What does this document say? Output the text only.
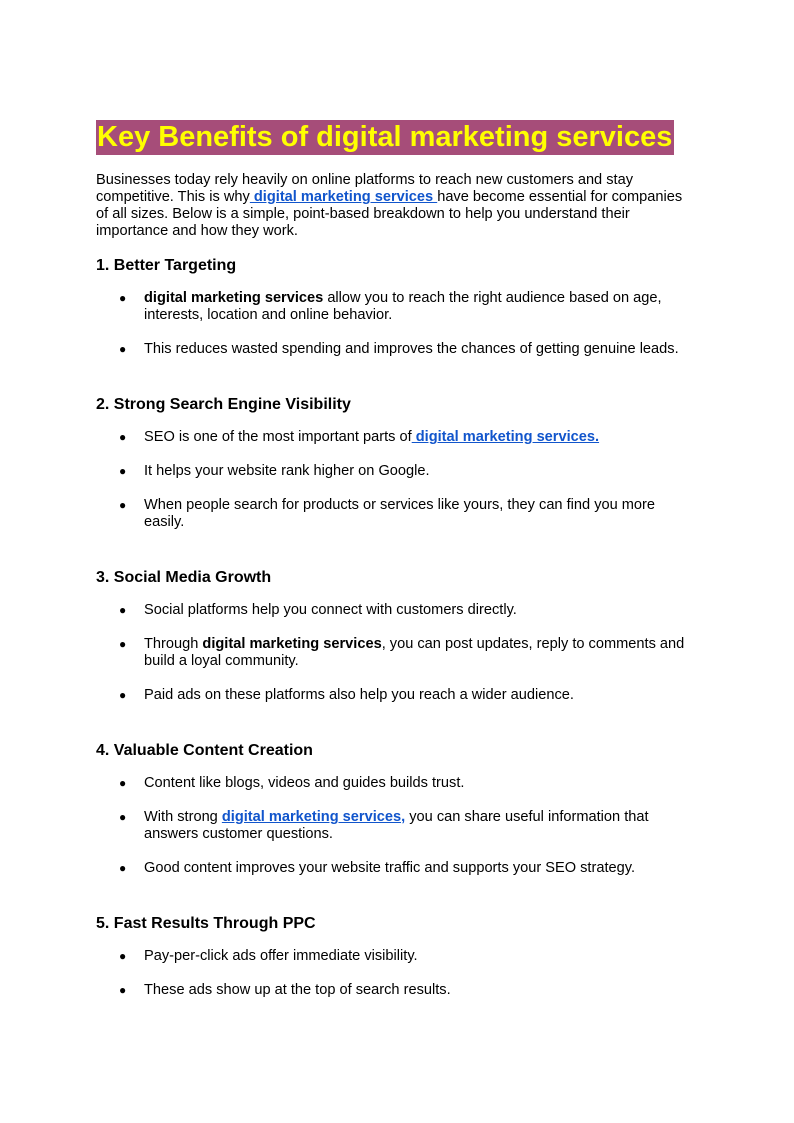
Key Benefits of digital marketing services

Businesses today rely heavily on online platforms to reach new customers and stay competitive. This is why digital marketing services have become essential for companies of all sizes. Below is a simple, point-based breakdown to help you understand their importance and how they work.

1. Better Targeting
● digital marketing services allow you to reach the right audience based on age, interests, location and online behavior.
● This reduces wasted spending and improves the chances of getting genuine leads.
2. Strong Search Engine Visibility
● SEO is one of the most important parts of digital marketing services.
● It helps your website rank higher on Google.
● When people search for products or services like yours, they can find you more easily.
3. Social Media Growth
● Social platforms help you connect with customers directly.
● Through digital marketing services, you can post updates, reply to comments and build a loyal community.
● Paid ads on these platforms also help you reach a wider audience.
4. Valuable Content Creation
● Content like blogs, videos and guides builds trust.
● With strong digital marketing services, you can share useful information that answers customer questions.
● Good content improves your website traffic and supports your SEO strategy.
5. Fast Results Through PPC
● Pay-per-click ads offer immediate visibility.
● These ads show up at the top of search results.
